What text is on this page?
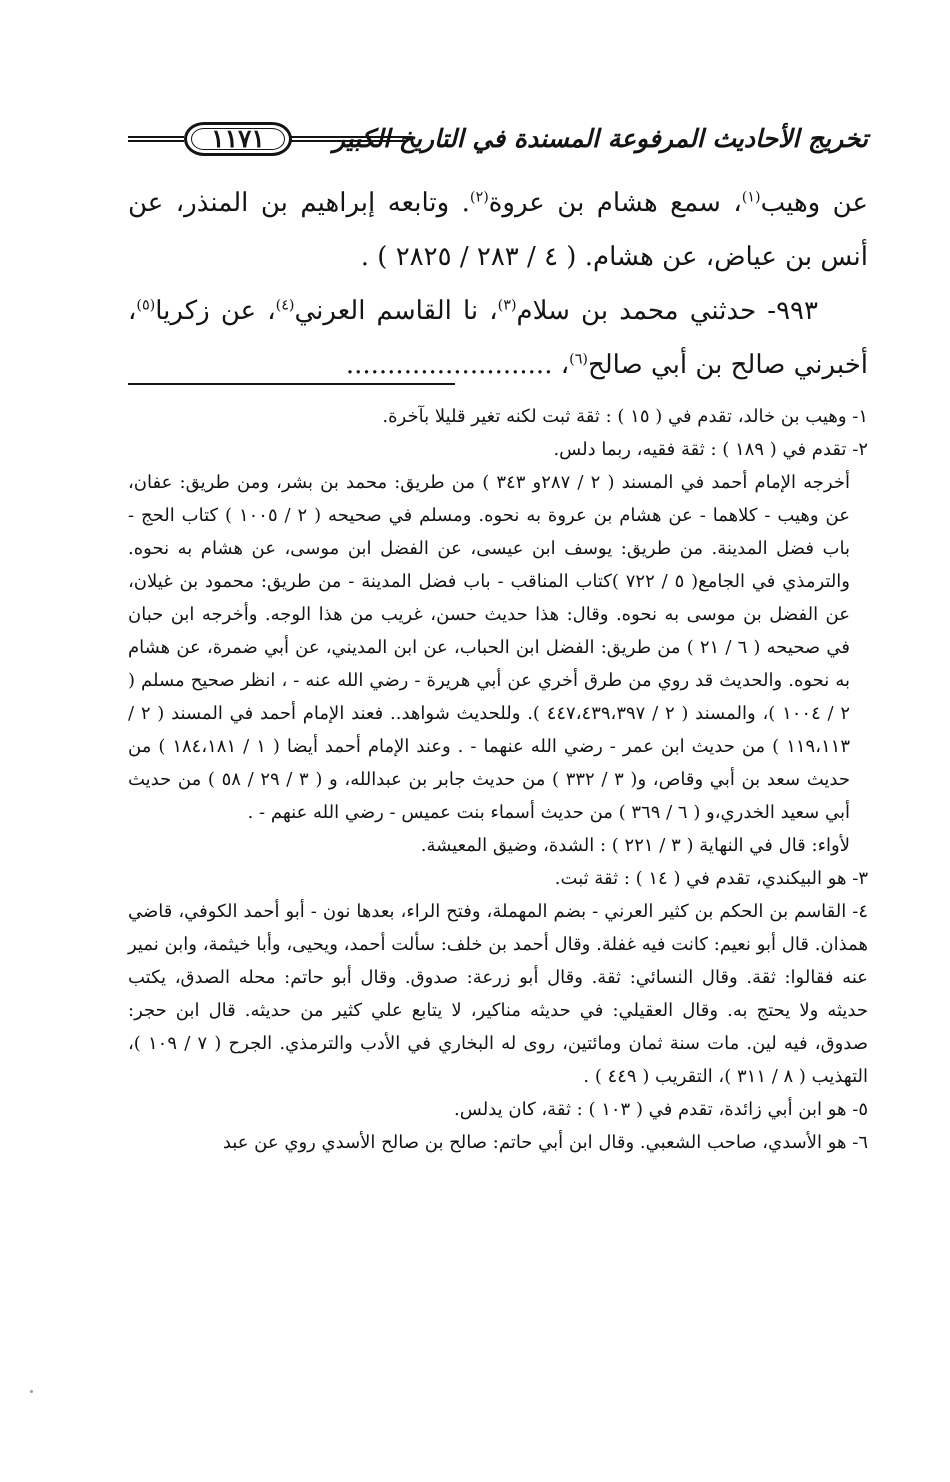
تخريج الأحاديث المرفوعة المسندة في التاريخ الكبير
١١٧١

عن وهيب$^{(١)}$، سمع هشام بن عروة$^{(٢)}$. وتابعه إبراهيم بن المنذر، عن أنس بن عياض، عن هشام. ( ٤ / ٢٨٣ / ٢٨٢٥ ) .

٩٩٣- حدثني محمد بن سلام$^{(٣)}$، نا القاسم العرني$^{(٤)}$، عن زكريا$^{(٥)}$، أخبرني صالح بن أبي صالح$^{(٦)}$، .........................

١- وهيب بن خالد، تقدم في ( ١٥ ) : ثقة ثبت لكنه تغير قليلا بآخرة.

٢- تقدم في ( ١٨٩ ) : ثقة فقيه، ربما دلس.

أخرجه الإمام أحمد في المسند ( ٢ / ٢٨٧و ٣٤٣ ) من طريق: محمد بن بشر، ومن طريق: عفان، عن وهيب - كلاهما - عن هشام بن عروة به نحوه. ومسلم في صحيحه ( ٢ / ١٠٠٥ ) كتاب الحج - باب فضل المدينة. من طريق: يوسف ابن عيسى، عن الفضل ابن موسى، عن هشام به نحوه. والترمذي في الجامع( ٥ / ٧٢٢ )كتاب المناقب - باب فضل المدينة - من طريق: محمود بن غيلان، عن الفضل بن موسى به نحوه. وقال: هذا حديث حسن، غريب من هذا الوجه. وأخرجه ابن حبان في صحيحه ( ٦ / ٢١ ) من طريق: الفضل ابن الحباب، عن ابن المديني، عن أبي ضمرة، عن هشام به نحوه. والحديث قد روي من طرق أخري عن أبي هريرة - رضي الله عنه - ، انظر صحيح مسلم ( ٢ / ١٠٠٤ )، والمسند ( ٢ / ٤٤٧،٤٣٩،٣٩٧ ). وللحديث شواهد.. فعند الإمام أحمد في المسند ( ٢ / ١١٩،١١٣ ) من حديث ابن عمر - رضي الله عنهما - . وعند الإمام أحمد أيضا ( ١ / ١٨٤،١٨١ ) من حديث سعد بن أبي وقاص، و( ٣ / ٣٣٢ ) من حديث جابر بن عبدالله، و ( ٣ / ٢٩ / ٥٨ ) من حديث أبي سعيد الخدري،و ( ٦ / ٣٦٩ ) من حديث أسماء بنت عميس - رضي الله عنهم - .

لأواء: قال في النهاية ( ٣ / ٢٢١ ) : الشدة، وضيق المعيشة.

٣- هو البيكندي، تقدم في ( ١٤ ) : ثقة ثبت.

٤- القاسم بن الحكم بن كثير العرني - بضم المهملة، وفتح الراء، بعدها نون - أبو أحمد الكوفي، قاضي همذان. قال أبو نعيم: كانت فيه غفلة. وقال أحمد بن خلف: سألت أحمد، ويحيى، وأبا خيثمة، وابن نمير عنه فقالوا: ثقة. وقال النسائي: ثقة. وقال أبو زرعة: صدوق. وقال أبو حاتم: محله الصدق، يكتب حديثه ولا يحتج به. وقال العقيلي: في حديثه مناكير، لا يتابع علي كثير من حديثه. قال ابن حجر: صدوق، فيه لين. مات سنة ثمان ومائتين، روى له البخاري في الأدب والترمذي. الجرح ( ٧ / ١٠٩ )، التهذيب ( ٨ / ٣١١ )، التقريب ( ٤٤٩ ) .

٥- هو ابن أبي زائدة، تقدم في ( ١٠٣ ) : ثقة، كان يدلس.

٦- هو الأسدي، صاحب الشعبي. وقال ابن أبي حاتم: صالح بن صالح الأسدي روي عن عبد
